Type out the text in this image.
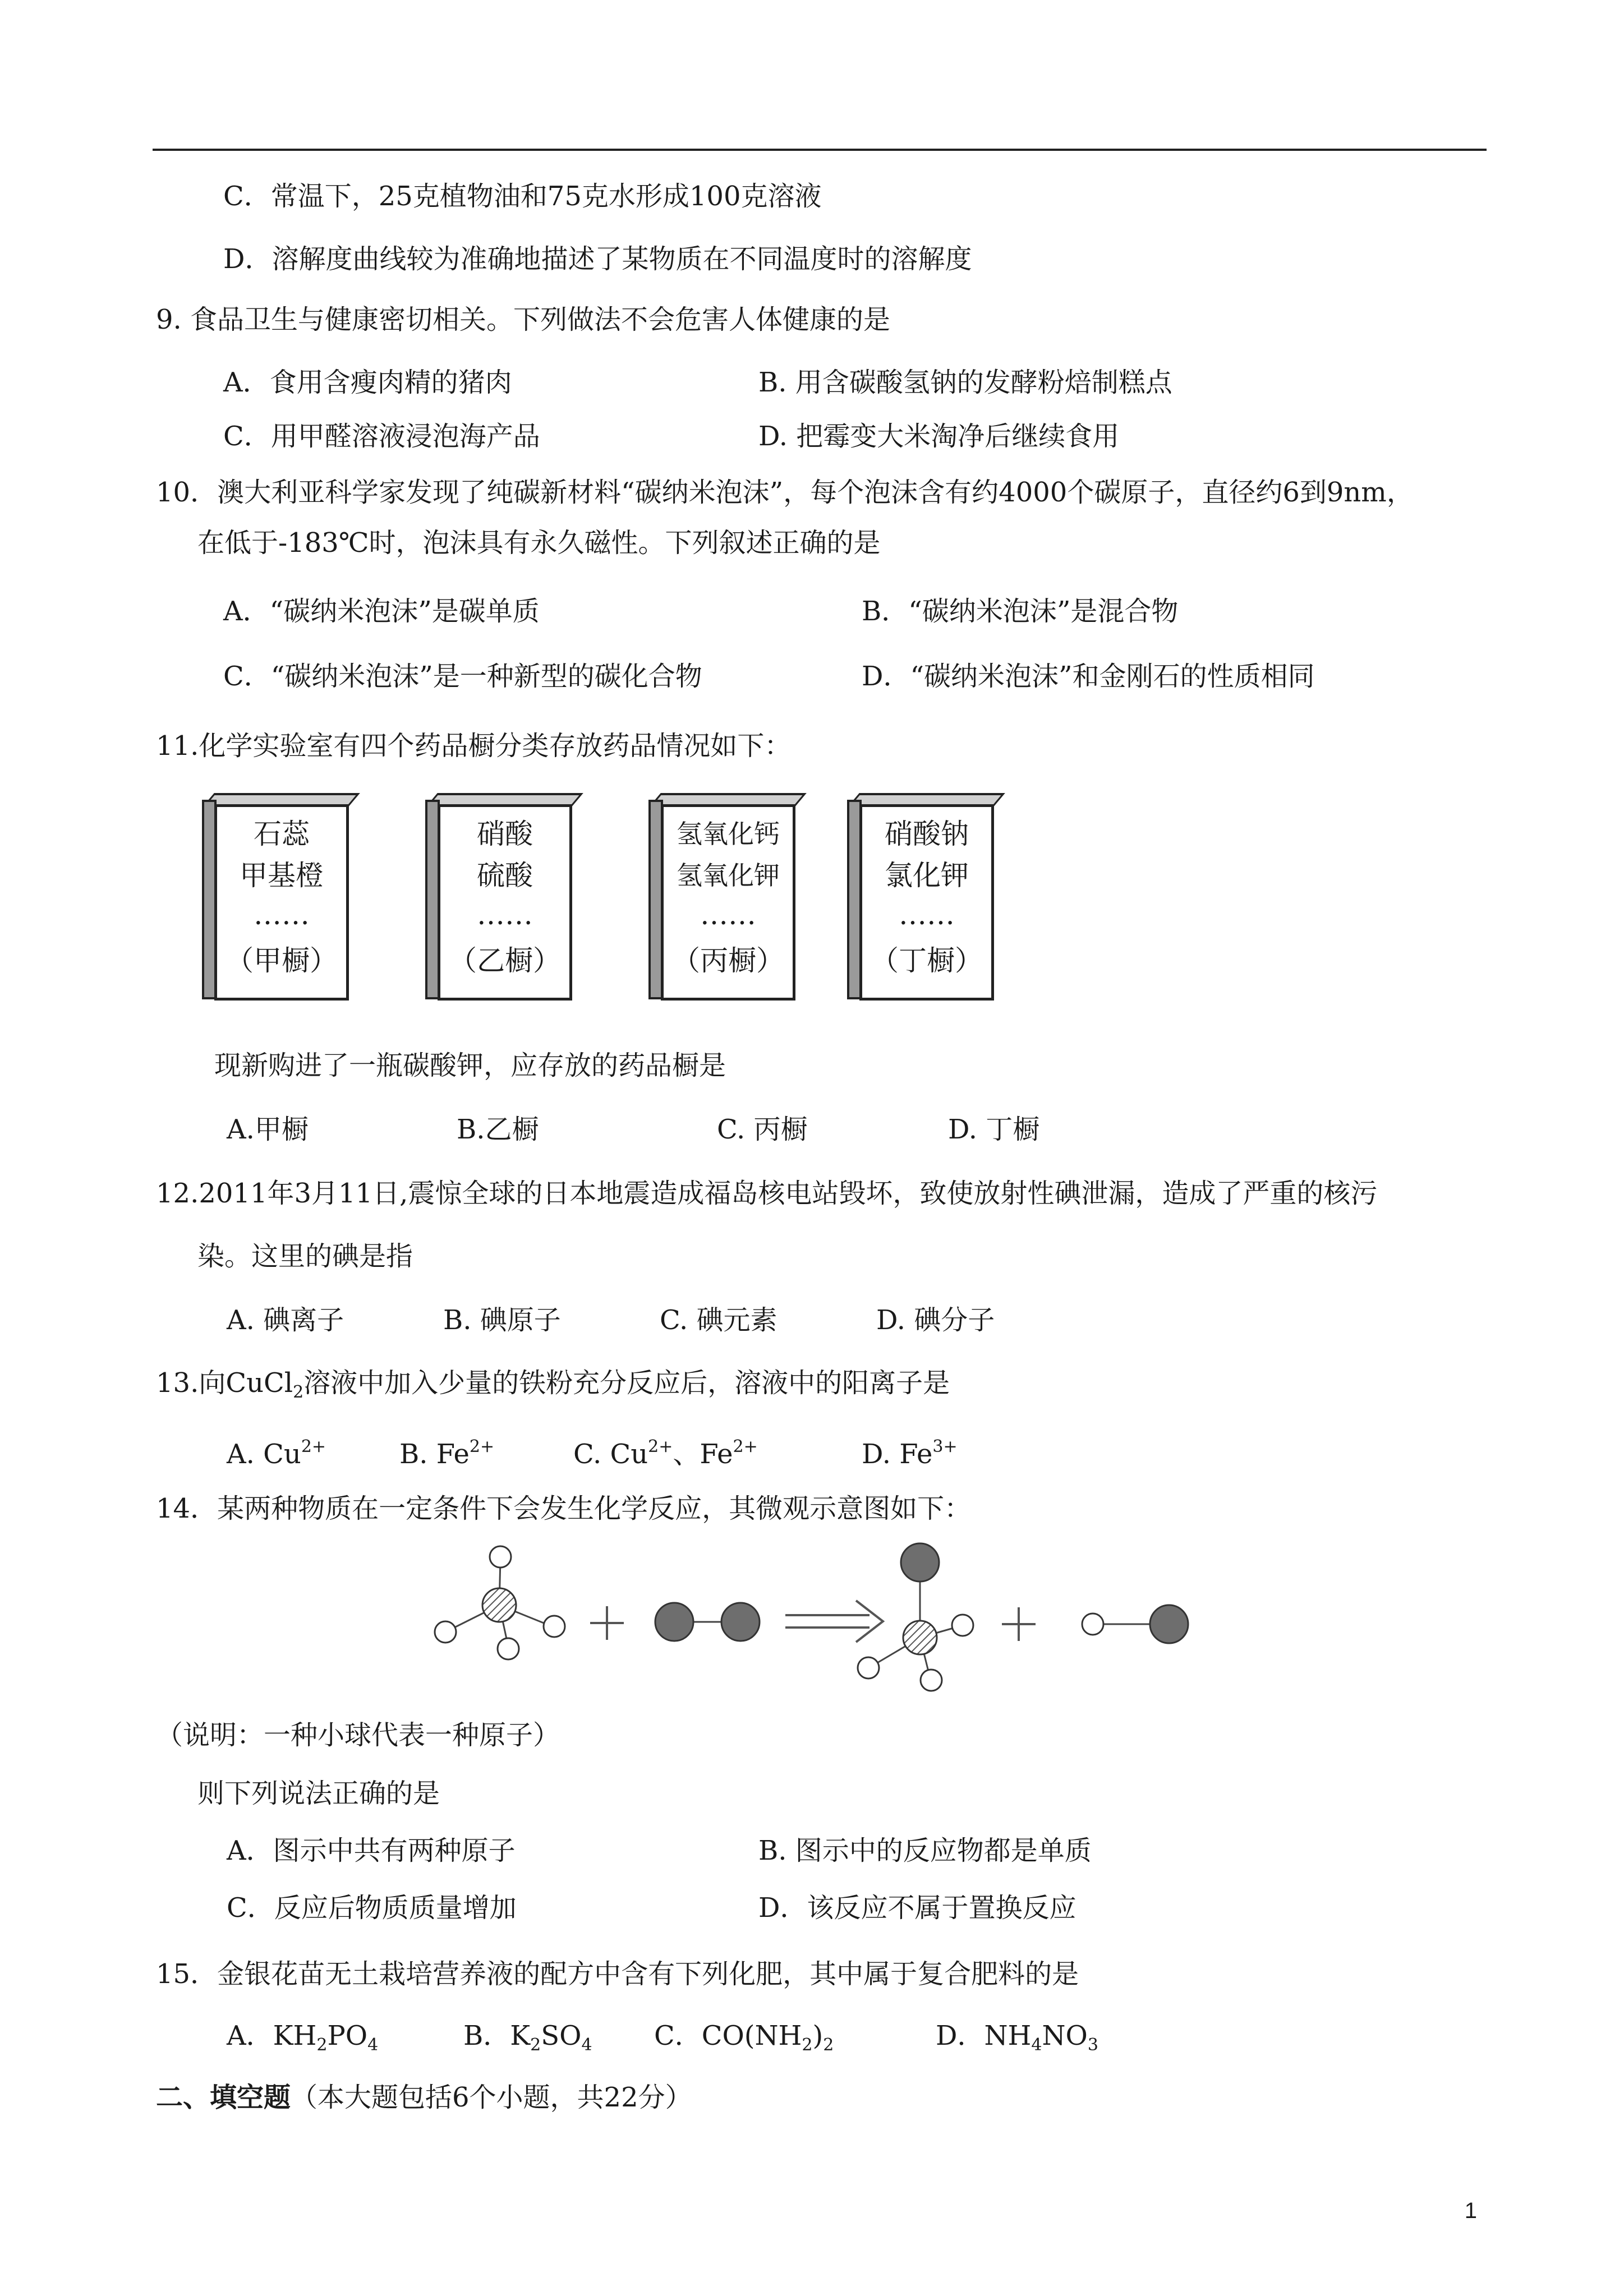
C．常温下，25克植物油和75克水形成100克溶液
D．溶解度曲线较为准确地描述了某物质在不同温度时的溶解度
9. 食品卫生与健康密切相关。下列做法不会危害人体健康的是
A．食用含瘦肉精的猪肉	B. 用含碳酸氢钠的发酵粉焙制糕点
C．用甲醛溶液浸泡海产品	D. 把霉变大米淘净后继续食用
10．澳大利亚科学家发现了纯碳新材料“碳纳米泡沫”，每个泡沫含有约4000个碳原子，直径约6到9nm，
在低于-183℃时，泡沫具有永久磁性。下列叙述正确的是
A．“碳纳米泡沫”是碳单质	B．“碳纳米泡沫”是混合物
C．“碳纳米泡沫”是一种新型的碳化合物	D．“碳纳米泡沫”和金刚石的性质相同
11.化学实验室有四个药品橱分类存放药品情况如下：
石蕊
甲基橙
……
（甲橱）
硝酸
硫酸
……
（乙橱）
氢氧化钙
氢氧化钾
……
（丙橱）
硝酸钠
氯化钾
……
（丁橱）
现新购进了一瓶碳酸钾，应存放的药品橱是
A.甲橱	B.乙橱	C. 丙橱	D. 丁橱
12.2011年3月11日,震惊全球的日本地震造成福岛核电站毁坏，致使放射性碘泄漏，造成了严重的核污
染。这里的碘是指
A. 碘离子	B. 碘原子	C. 碘元素	D. 碘分子
13.向CuCl$_2$溶液中加入少量的铁粉充分反应后，溶液中的阳离子是
A. $Cu^{2+}$	B. $Fe^{2+}$	C. $Cu^{2+}$、$Fe^{2+}$	D. $Fe^{3+}$
14．某两种物质在一定条件下会发生化学反应，其微观示意图如下：
（说明：一种小球代表一种原子）
则下列说法正确的是
A．图示中共有两种原子	B. 图示中的反应物都是单质
C．反应后物质质量增加	D．该反应不属于置换反应
15．金银花苗无土栽培营养液的配方中含有下列化肥，其中属于复合肥料的是
A．$KH_2PO_4$	B．$K_2SO_4$ C．$CO(NH_2)_2$	D．$NH_4NO_3$
二、填空题（本大题包括6个小题，共22分）
1
